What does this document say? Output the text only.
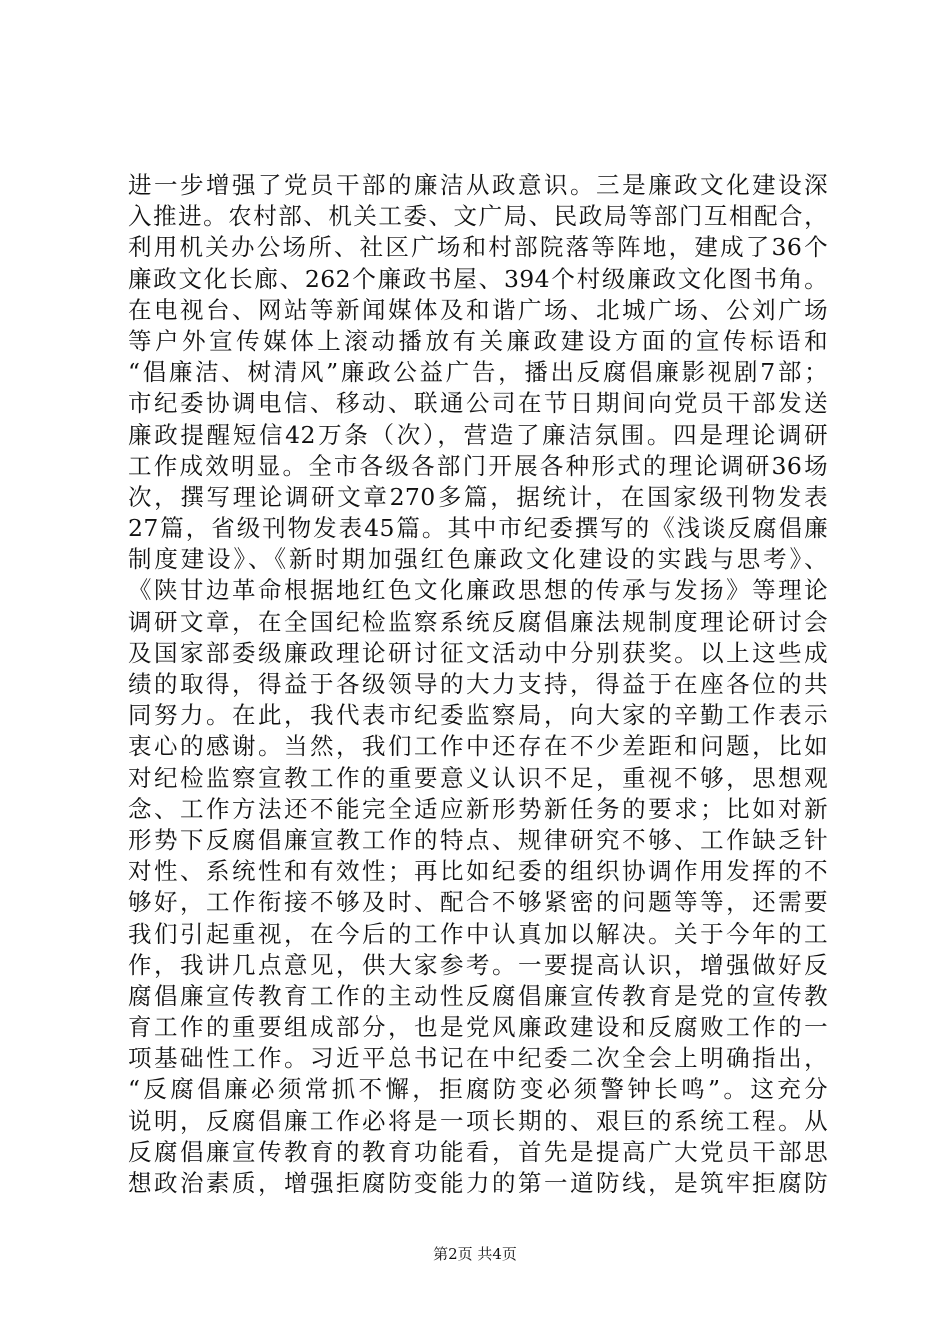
进一步增强了党员干部的廉洁从政意识。三是廉政文化建设深
入推进。农村部、机关工委、文广局、民政局等部门互相配合，
利用机关办公场所、社区广场和村部院落等阵地，建成了36个
廉政文化长廊、262个廉政书屋、394个村级廉政文化图书角。
在电视台、网站等新闻媒体及和谐广场、北城广场、公刘广场
等户外宣传媒体上滚动播放有关廉政建设方面的宣传标语和
“倡廉洁、树清风”廉政公益广告，播出反腐倡廉影视剧7部；
市纪委协调电信、移动、联通公司在节日期间向党员干部发送
廉政提醒短信42万条（次），营造了廉洁氛围。四是理论调研
工作成效明显。全市各级各部门开展各种形式的理论调研36场
次，撰写理论调研文章270多篇，据统计，在国家级刊物发表
27篇，省级刊物发表45篇。其中市纪委撰写的《浅谈反腐倡廉
制度建设》、《新时期加强红色廉政文化建设的实践与思考》、
《陕甘边革命根据地红色文化廉政思想的传承与发扬》等理论
调研文章，在全国纪检监察系统反腐倡廉法规制度理论研讨会
及国家部委级廉政理论研讨征文活动中分别获奖。以上这些成
绩的取得，得益于各级领导的大力支持，得益于在座各位的共
同努力。在此，我代表市纪委监察局，向大家的辛勤工作表示
衷心的感谢。当然，我们工作中还存在不少差距和问题，比如
对纪检监察宣教工作的重要意义认识不足，重视不够，思想观
念、工作方法还不能完全适应新形势新任务的要求；比如对新
形势下反腐倡廉宣教工作的特点、规律研究不够、工作缺乏针
对性、系统性和有效性；再比如纪委的组织协调作用发挥的不
够好，工作衔接不够及时、配合不够紧密的问题等等，还需要
我们引起重视，在今后的工作中认真加以解决。关于今年的工
作，我讲几点意见，供大家参考。一要提高认识，增强做好反
腐倡廉宣传教育工作的主动性反腐倡廉宣传教育是党的宣传教
育工作的重要组成部分，也是党风廉政建设和反腐败工作的一
项基础性工作。习近平总书记在中纪委二次全会上明确指出，
“反腐倡廉必须常抓不懈，拒腐防变必须警钟长鸣”。这充分
说明，反腐倡廉工作必将是一项长期的、艰巨的系统工程。从
反腐倡廉宣传教育的教育功能看，首先是提高广大党员干部思
想政治素质，增强拒腐防变能力的第一道防线，是筑牢拒腐防
第2页 共4页
